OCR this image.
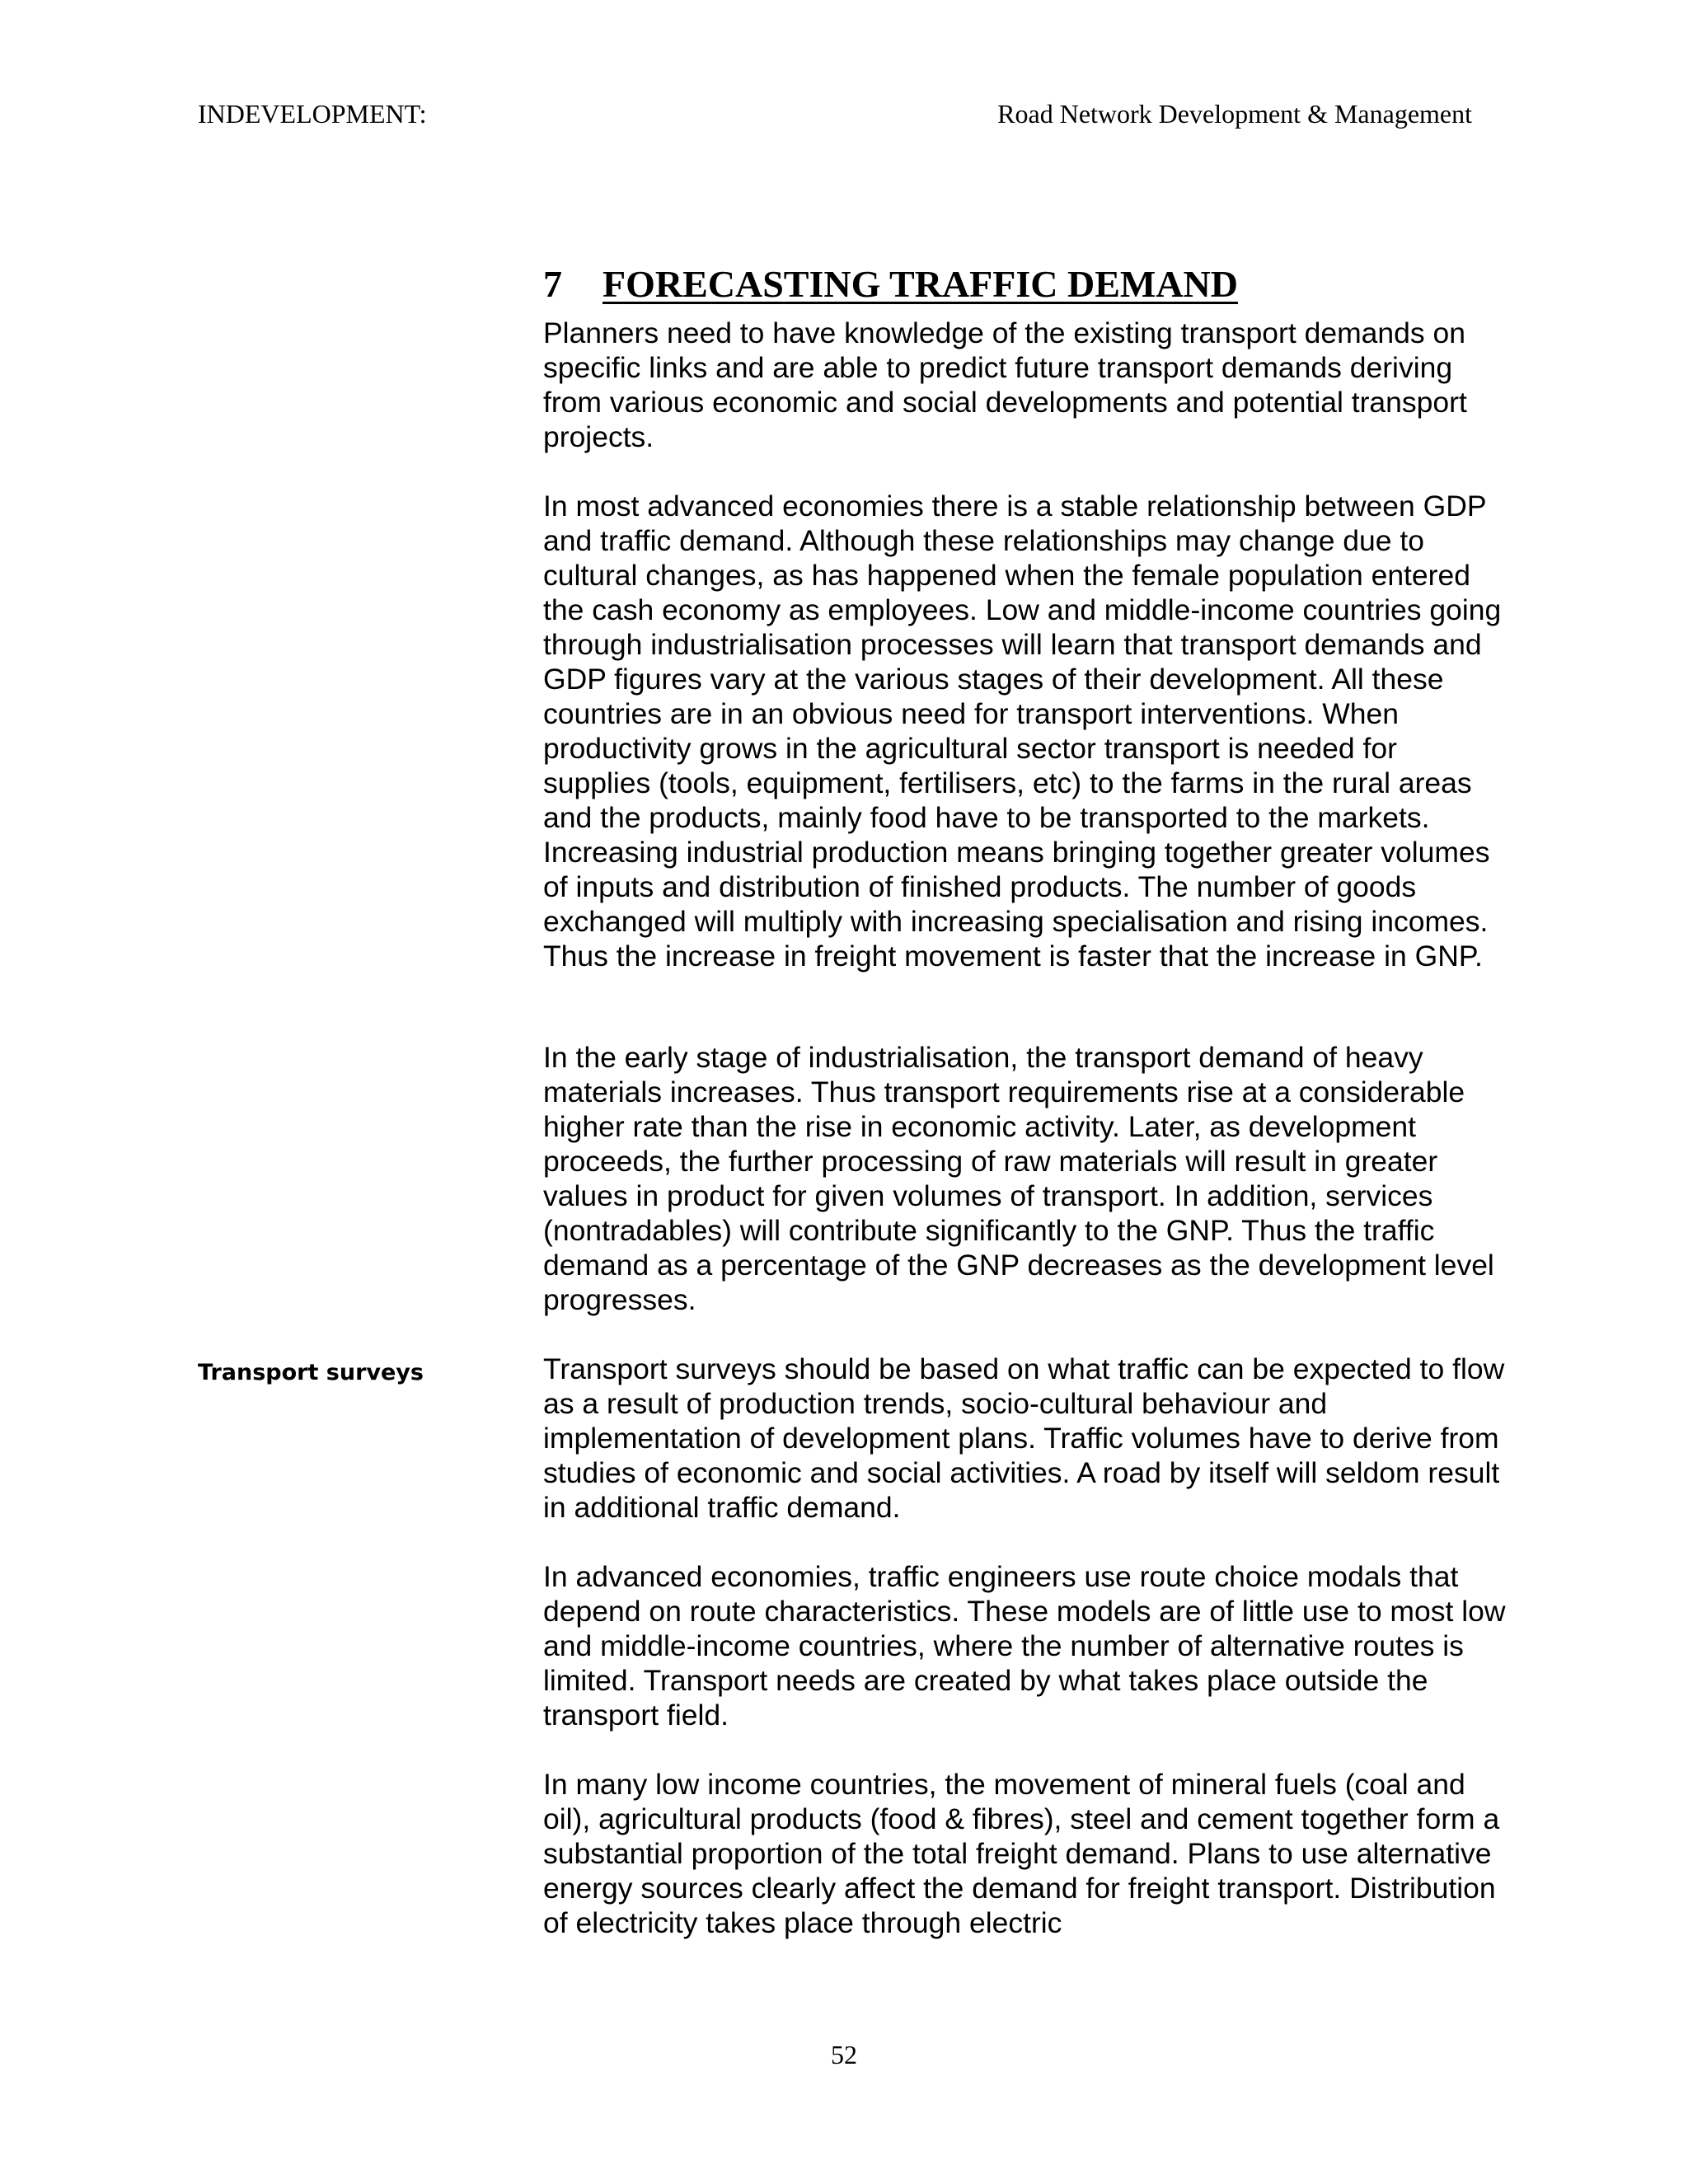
INDEVELOPMENT:	Road Network Development & Management
7 FORECASTING TRAFFIC DEMAND

Planners need to have knowledge of the existing transport demands on specific links and are able to predict future transport demands deriving from various economic and social developments and potential transport projects.

In most advanced economies there is a stable relationship between GDP and traffic demand. Although these relationships may change due to cultural changes, as has happened when the female population entered the cash economy as employees. Low and middle-income countries going through industrialisation processes will learn that transport demands and GDP figures vary at the various stages of their development. All these countries are in an obvious need for transport interventions. When productivity grows in the agricultural sector transport is needed for supplies (tools, equipment, fertilisers, etc) to the farms in the rural areas and the products, mainly food have to be transported to the markets. Increasing industrial production means bringing together greater volumes of inputs and distribution of finished products. The number of goods exchanged will multiply with increasing specialisation and rising incomes. Thus the increase in freight movement is faster that the increase in GNP.

In the early stage of industrialisation, the transport demand of heavy materials increases. Thus transport requirements rise at a considerable higher rate than the rise in economic activity. Later, as development proceeds, the further processing of raw materials will result in greater values in product for given volumes of transport. In addition, services (nontradables) will contribute significantly to the GNP. Thus the traffic demand as a percentage of the GNP decreases as the development level progresses.

Transport surveys	Transport surveys should be based on what traffic can be expected to flow as a result of production trends, socio-cultural behaviour and implementation of development plans. Traffic volumes have to derive from studies of economic and social activities. A road by itself will seldom result in additional traffic demand.

In advanced economies, traffic engineers use route choice modals that depend on route characteristics. These models are of little use to most low and middle-income countries, where the number of alternative routes is limited. Transport needs are created by what takes place outside the transport field.

In many low income countries, the movement of mineral fuels (coal and oil), agricultural products (food & fibres), steel and cement together form a substantial proportion of the total freight demand. Plans to use alternative energy sources clearly affect the demand for freight transport. Distribution of electricity takes place through electric

52
